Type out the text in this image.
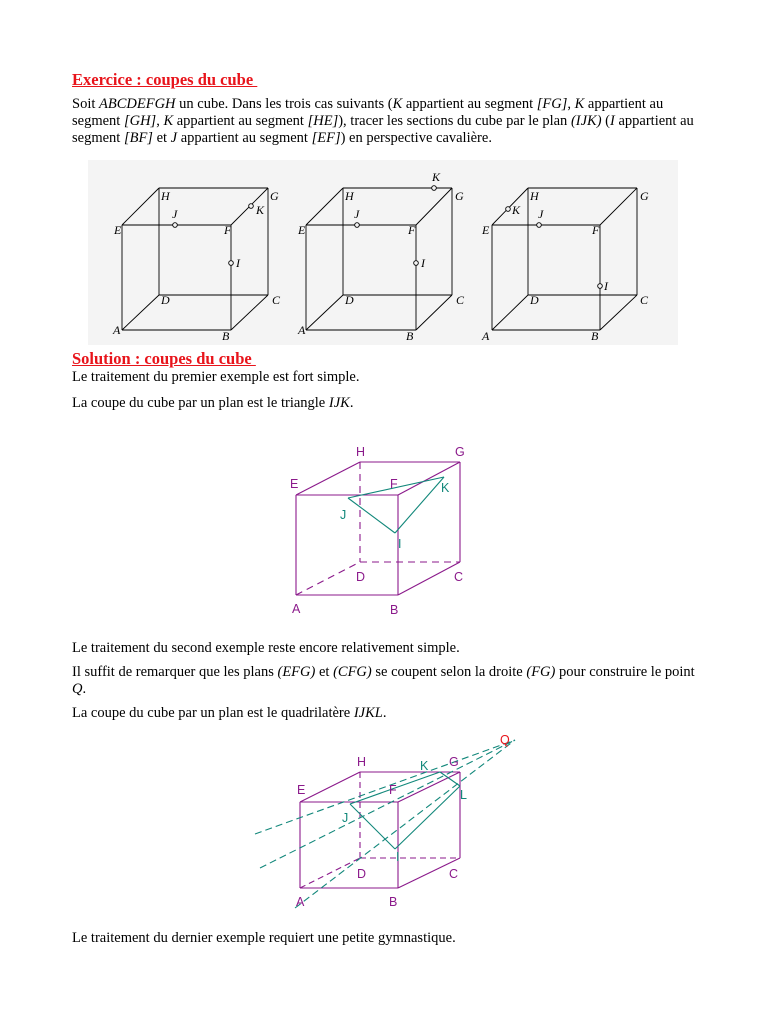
Exercice : coupes du cube
Soit ABCDEFGH un cube. Dans les trois cas suivants (K appartient au segment [FG], K appartient au segment [GH], K appartient au segment [HE]), tracer les sections du cube par le plan (IJK) (I appartient au segment [BF] et J appartient au segment [EF]) en perspective cavalière.
A	B
C
D
E	F
G
H
I
J	K
A	B
C
D
E	F
G
H
I
J
K
A	B
C
D
E	F
G
H
I
J
K
Solution : coupes du cube
Le traitement du premier exemple est fort simple.
La coupe du cube par un plan est le triangle IJK.
A	B
C
D
E	F
G
H
I
J
K
Le traitement du second exemple reste encore relativement simple.
Il suffit de remarquer que les plans (EFG) et (CFG) se coupent selon la droite (FG) pour construire le point Q.
La coupe du cube par un plan est le quadrilatère IJKL.
A	B
C
D
E	F
G
H
I
J
K
L
Q
Le traitement du dernier exemple requiert une petite gymnastique.
